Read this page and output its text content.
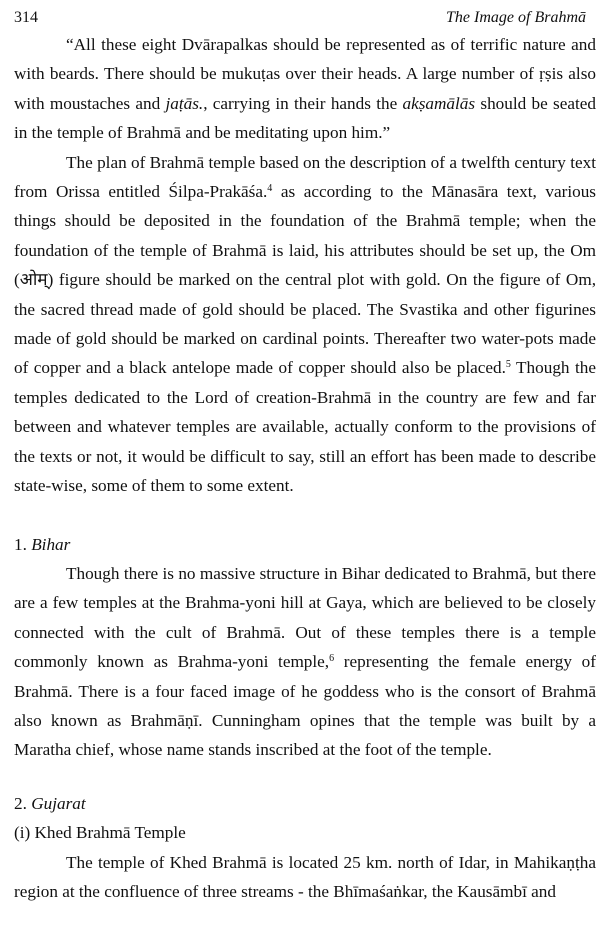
314	The Image of Brahmā

“All these eight Dvārapalkas should be represented as of terrific nature and with beards. There should be mukuṭas over their heads. A large number of ṛṣis also with moustaches and jaṭās., carrying in their hands the akṣamālās should be seated in the temple of Brahmā and be meditating upon him.”

The plan of Brahmā temple based on the description of a twelfth century text from Orissa entitled Śilpa-Prakāśa.$^4$ as according to the Mānasāra text, various things should be deposited in the foundation of the Brahmā temple; when the foundation of the temple of Brahmā is laid, his attributes should be set up, the Om (ओम्) figure should be marked on the central plot with gold. On the figure of Om, the sacred thread made of gold should be placed. The Svastika and other figurines made of gold should be marked on cardinal points. Thereafter two water-pots made of copper and a black antelope made of copper should also be placed.$^5$ Though the temples dedicated to the Lord of creation-Brahmā in the country are few and far between and whatever temples are available, actually conform to the provisions of the texts or not, it would be difficult to say, still an effort has been made to describe state-wise, some of them to some extent.

1. Bihar

Though there is no massive structure in Bihar dedicated to Brahmā, but there are a few temples at the Brahma-yoni hill at Gaya, which are believed to be closely connected with the cult of Brahmā. Out of these temples there is a temple commonly known as Brahma-yoni temple,$^6$ representing the female energy of Brahmā. There is a four faced image of he goddess who is the consort of Brahmā also known as Brahmāṇī. Cunningham opines that the temple was built by a Maratha chief, whose name stands inscribed at the foot of the temple.

2. Gujarat

(i) Khed Brahmā Temple

The temple of Khed Brahmā is located 25 km. north of Idar, in Mahikaṇṭha region at the confluence of three streams - the Bhīmaśaṅkar, the Kausāmbī and
